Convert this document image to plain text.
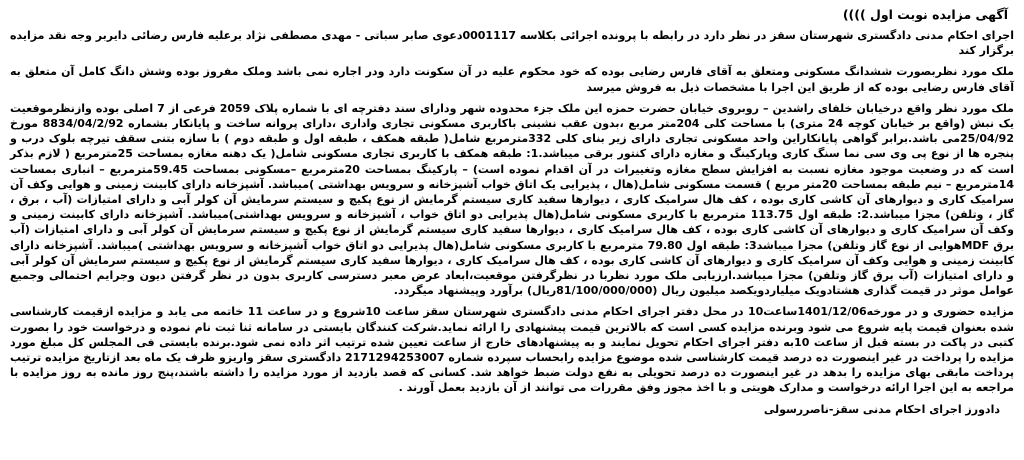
آگهی مزایده نوبت اول ))))

اجرای احکام مدنی دادگستری شهرستان سقز در نظر دارد در رابطه با پرونده اجرائی بکلاسه 0001117دعوی صابر سباتی - مهدی مصطفی نژاد برعلیه فارس رضائی دایربر وجه نقد مزایده برگزار کند

ملک مورد نظربصورت ششدانگ مسکونی ومتعلق به آقای فارس رضایی بوده که خود محکوم علیه در آن سکونت دارد ودر اجاره نمی باشد وملک مفروز بوده وشش دانگ کامل آن متعلق به آقای فارس رضایی بوده که از طریق این اجرا با مشخصات ذیل به فروش میرسد

ملک مورد نظر واقع درخیابان خلفای راشدین – روبروی خیابان حضرت حمزه این ملک جزء محدوده شهر ودارای سند دفترچه ای با شماره پلاک 2059 فرعی از 7 اصلی بوده وازنظرموقعیت یک نبش (واقع بر خیابان کوچه 24 متری) با مساحت کلی 204متر مربع ،بدون عقب نشینی باکاربری مسکونی تجاری واداری ،دارای پروانه ساخت و پایانکار بشماره 8834/04/2/92 مورخ 25/04/92می باشد.برابر گواهی پایانکاراین واحد مسکونی تجاری دارای زیر بنای کلی 332مترمربع شامل( طبقه همکف ، طبقه اول و طبقه دوم ) با سازه بتنی سقف تیرچه بلوک درب و پنجره ها از نوع پی وی سی نما سنگ کاری وپارکینگ و مغازه دارای کنتور برقی میباشد.1: طبقه همکف با کاربری تجاری مسکونی شامل( یک دهنه مغازه بمساحت 25مترمربع ( لازم بذکر است که در وضعیت موجود مغازه نسبت به افزایش سطح مغازه وتغییرات در آن اقدام نموده است) – پارکینگ بمساحت 20مترمربع –مسکونی بمساحت 59.45مترمربع – انباری بمساحت 14مترمربع – نیم طبقه بمساحت 20متر مربع ) قسمت مسکونی شامل(هال ، پذیرایی یک اتاق خواب آشپزخانه و سرویس بهداشتی )میباشد. آشپزخانه دارای کابینت زمینی و هوایی وکف آن سرامیک کاری و دیوارهای آن کاشی کاری بوده ، کف هال سرامیک کاری ، دیوارها سفید کاری سیستم گرمایش از نوع پکیچ و سیستم سرمایش آن کولر آبی و دارای امتیازات (آب ، برق ، گاز ، وتلفن) مجزا میباشد.2: طبقه اول 113.75 مترمربع با کاربری مسکونی شامل(هال پذیرایی دو اتاق خواب ، آشپزخانه و سرویس بهداشتی)میباشد. آشپزخانه دارای کابینت زمینی و وکف آن سرامیک کاری و دیوارهای آن کاشی کاری بوده ، کف هال سرامیک کاری ، دیوارها سفید کاری سیستم گرمایش از نوع پکیچ و سیستم سرمایش آن کولر آبی و دارای امتیازات (آب برق MDFهوایی از نوع گاز وتلفن) مجزا میباشد3: طبقه اول 79.80 مترمربع با کاربری مسکونی شامل(هال پذیرایی دو اتاق خواب آشپزخانه و سرویس بهداشتی )میباشد. آشپزخانه دارای کابینت زمینی و هوایی وکف آن سرامیک کاری و دیوارهای آن کاشی کاری بوده ، کف هال سرامیک کاری ، دیوارها سفید کاری سیستم گرمایش از نوع پکیچ و سیستم سرمایش آن کولر آبی و دارای امتیازات (آب برق گاز وتلفن) مجزا میباشد.ارزیابی ملک مورد نظربا در نظرگرفتن موقعیت،ابعاد عرض معبر دسترسی کاربری بدون در نظر گرفتن دیون وجرایم احتمالی وجمیع عوامل موثر در قیمت گذاری هشتادویک میلیاردویکصد میلیون ریال (81/100/000/000ریال) برآورد وپیشنهاد میگردد.

مزایده حضوری و در مورخه1401/12/06ساعت10 در محل دفتر اجرای احکام مدنی دادگستری شهرستان سقز ساعت 10شروع و در ساعت 11 خاتمه می یابد و مزایده ازقیمت کارشناسی شده بعنوان قیمت پایه شروع می شود وبرنده مزایده کسی است که بالاترین قیمت پیشنهادی را ارائه نماید.شرکت کنندگان بایستی در سامانه ثنا ثبت نام نموده و درخواست خود را بصورت کتبی در پاکت در بسته قبل از ساعت 10به دفتر اجرای احکام تحویل نمایند و به پیشنهادهای خارج از ساعت تعیین شده ترتیب اثر داده نمی شود.برنده بایستی فی المجلس کل مبلغ مورد مزایده را پرداخت در غیر اینصورت ده درصد قیمت کارشناسی شده موضوع مزایده رابحساب سپرده شماره 2171294253007 دادگستری سقز واریزو ظرف یک ماه بعد ازتاریخ مزایده ترتیب پرداخت مابقی بهای مزایده را بدهد در غیر اینصورت ده درصد تحویلی به نفع دولت ضبط خواهد شد. کسانی که قصد بازدید از مورد مزایده را داشته باشند،پنج روز مانده به روز مزایده با مراجعه به این اجرا ارائه درخواست و مدارک هویتی و با اخذ مجوز وفق مقررات می توانند از آن بازدید بعمل آورند .

دادورز اجرای احکام مدنی سقز-ناصررسولی
